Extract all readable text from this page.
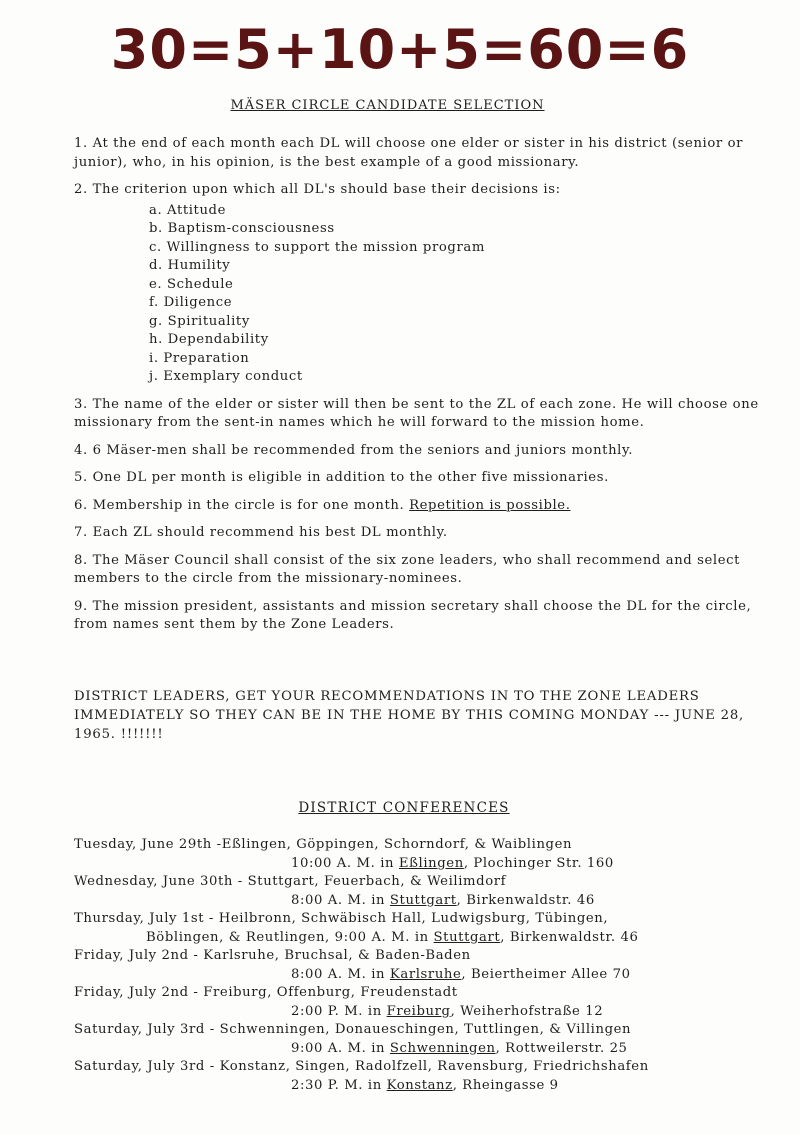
30=5+10+5=60=6
MÄSER CIRCLE CANDIDATE SELECTION
1. At the end of each month each DL will choose one elder or sister in his district (senior or junior), who, in his opinion, is the best example of a good missionary.
2. The criterion upon which all DL's should base their decisions is:
a. Attitude
b. Baptism-consciousness
c. Willingness to support the mission program
d. Humility
e. Schedule
f. Diligence
g. Spirituality
h. Dependability
i. Preparation
j. Exemplary conduct
3. The name of the elder or sister will then be sent to the ZL of each zone. He will choose one missionary from the sent-in names which he will forward to the mission home.
4. 6 Mäser-men shall be recommended from the seniors and juniors monthly.
5. One DL per month is eligible in addition to the other five missionaries.
6. Membership in the circle is for one month. Repetition is possible.
7. Each ZL should recommend his best DL monthly.
8. The Mäser Council shall consist of the six zone leaders, who shall recommend and select members to the circle from the missionary-nominees.
9. The mission president, assistants and mission secretary shall choose the DL for the circle, from names sent them by the Zone Leaders.
DISTRICT LEADERS, GET YOUR RECOMMENDATIONS IN TO THE ZONE LEADERS IMMEDIATELY SO THEY CAN BE IN THE HOME BY THIS COMING MONDAY --- JUNE 28, 1965. !!!!!!!
DISTRICT CONFERENCES
Tuesday, June 29th -Eßlingen, Göppingen, Schorndorf, & Waiblingen
10:00 A. M. in Eßlingen, Plochinger Str. 160
Wednesday, June 30th - Stuttgart, Feuerbach, & Weilimdorf
8:00 A. M. in Stuttgart, Birkenwaldstr. 46
Thursday, July 1st - Heilbronn, Schwäbisch Hall, Ludwigsburg, Tübingen,
Böblingen, & Reutlingen, 9:00 A. M. in Stuttgart, Birkenwaldstr. 46
Friday, July 2nd - Karlsruhe, Bruchsal, & Baden-Baden
8:00 A. M. in Karlsruhe, Beiertheimer Allee 70
Friday, July 2nd - Freiburg, Offenburg, Freudenstadt
2:00 P. M. in Freiburg, Weiherhofstraße 12
Saturday, July 3rd - Schwenningen, Donaueschingen, Tuttlingen, & Villingen
9:00 A. M. in Schwenningen, Rottweilerstr. 25
Saturday, July 3rd - Konstanz, Singen, Radolfzell, Ravensburg, Friedrichshafen
2:30 P. M. in Konstanz, Rheingasse 9
